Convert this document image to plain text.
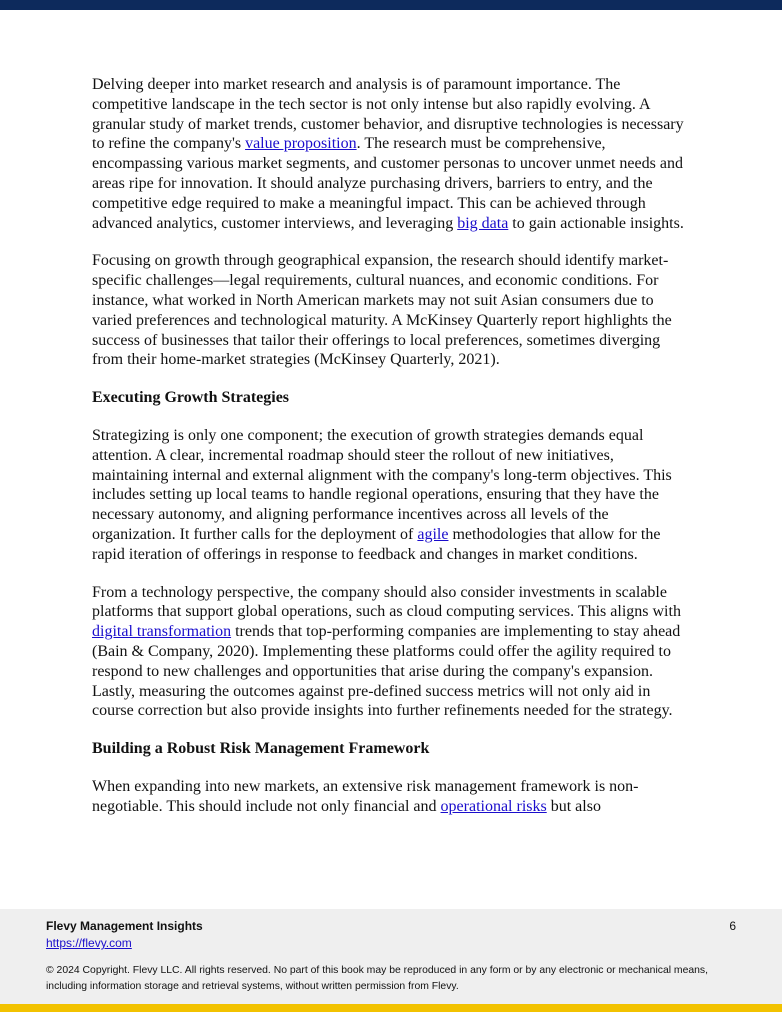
Delving deeper into market research and analysis is of paramount importance. The competitive landscape in the tech sector is not only intense but also rapidly evolving. A granular study of market trends, customer behavior, and disruptive technologies is necessary to refine the company's value proposition. The research must be comprehensive, encompassing various market segments, and customer personas to uncover unmet needs and areas ripe for innovation. It should analyze purchasing drivers, barriers to entry, and the competitive edge required to make a meaningful impact. This can be achieved through advanced analytics, customer interviews, and leveraging big data to gain actionable insights.

Focusing on growth through geographical expansion, the research should identify market-specific challenges—legal requirements, cultural nuances, and economic conditions. For instance, what worked in North American markets may not suit Asian consumers due to varied preferences and technological maturity. A McKinsey Quarterly report highlights the success of businesses that tailor their offerings to local preferences, sometimes diverging from their home-market strategies (McKinsey Quarterly, 2021).

Executing Growth Strategies

Strategizing is only one component; the execution of growth strategies demands equal attention. A clear, incremental roadmap should steer the rollout of new initiatives, maintaining internal and external alignment with the company's long-term objectives. This includes setting up local teams to handle regional operations, ensuring that they have the necessary autonomy, and aligning performance incentives across all levels of the organization. It further calls for the deployment of agile methodologies that allow for the rapid iteration of offerings in response to feedback and changes in market conditions.

From a technology perspective, the company should also consider investments in scalable platforms that support global operations, such as cloud computing services. This aligns with digital transformation trends that top-performing companies are implementing to stay ahead (Bain & Company, 2020). Implementing these platforms could offer the agility required to respond to new challenges and opportunities that arise during the company's expansion. Lastly, measuring the outcomes against pre-defined success metrics will not only aid in course correction but also provide insights into further refinements needed for the strategy.

Building a Robust Risk Management Framework

When expanding into new markets, an extensive risk management framework is non-negotiable. This should include not only financial and operational risks but also

Flevy Management Insights
https://flevy.com
6
© 2024 Copyright. Flevy LLC. All rights reserved. No part of this book may be reproduced in any form or by any electronic or mechanical means, including information storage and retrieval systems, without written permission from Flevy.
